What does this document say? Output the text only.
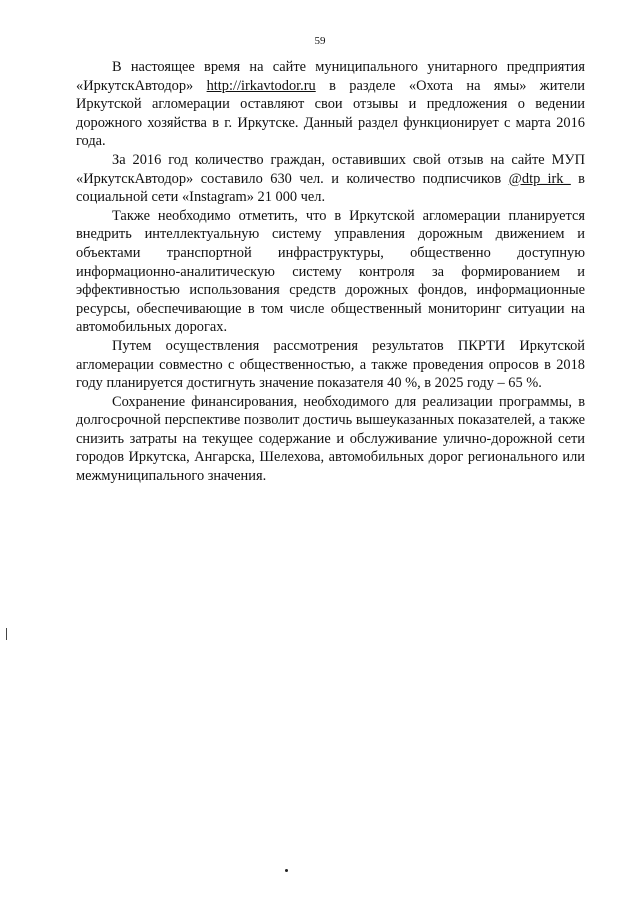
59

В настоящее время на сайте муниципального унитарного предприятия «ИркутскАвтодор» http://irkavtodor.ru в разделе «Охота на ямы» жители Иркутской агломерации оставляют свои отзывы и предложения о ведении дорожного хозяйства в г. Иркутске. Данный раздел функционирует с марта 2016 года.

За 2016 год количество граждан, оставивших свой отзыв на сайте МУП «ИркутскАвтодор» составило 630 чел. и количество подписчиков @dtp_irk_ в социальной сети «Instagram» 21 000 чел.

Также необходимо отметить, что в Иркутской агломерации планируется внедрить интеллектуальную систему управления дорожным движением и объектами транспортной инфраструктуры, общественно доступную информационно-аналитическую систему контроля за формированием и эффективностью использования средств дорожных фондов, информационные ресурсы, обеспечивающие в том числе общественный мониторинг ситуации на автомобильных дорогах.

Путем осуществления рассмотрения результатов ПКРТИ Иркутской агломерации совместно с общественностью, а также проведения опросов в 2018 году планируется достигнуть значение показателя 40 %, в 2025 году – 65 %.

Сохранение финансирования, необходимого для реализации программы, в долгосрочной перспективе позволит достичь вышеуказанных показателей, а также снизить затраты на текущее содержание и обслуживание улично-дорожной сети городов Иркутска, Ангарска, Шелехова, автомобильных дорог регионального или межмуниципального значения.
